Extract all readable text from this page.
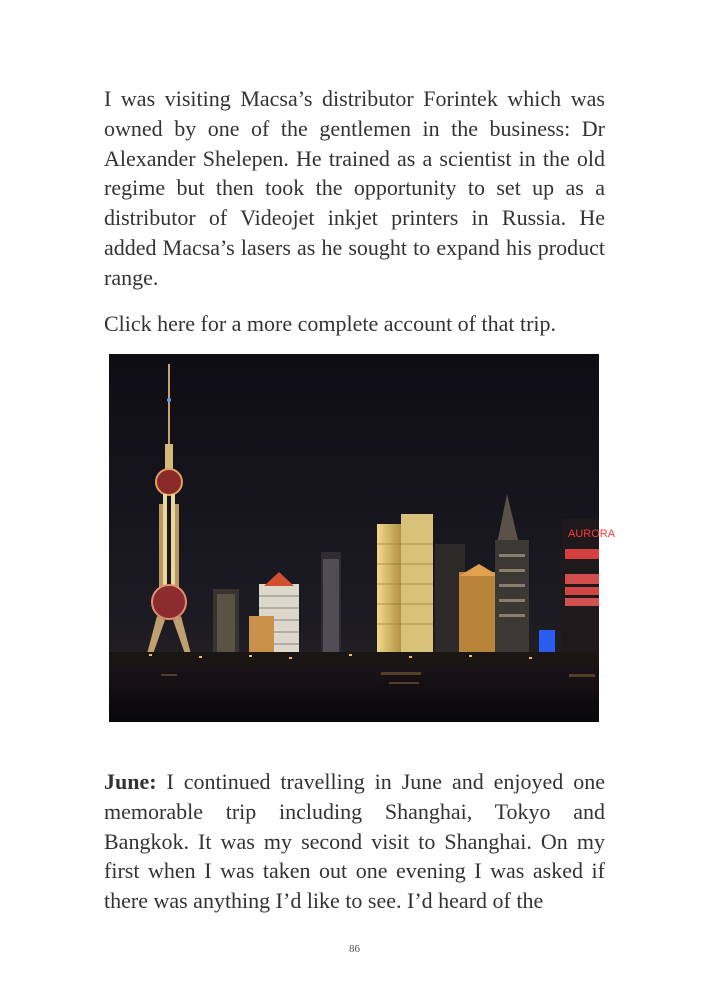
I was visiting Macsa’s distributor Forintek which was owned by one of the gentlemen in the business: Dr Alexander Shelepen. He trained as a scientist in the old regime but then took the opportunity to set up as a distributor of Videojet inkjet printers in Russia. He added Macsa’s lasers as he sought to expand his product range.

Click here for a more complete account of that trip.

AURORA

June: I continued travelling in June and enjoyed one memorable trip including Shanghai, Tokyo and Bangkok. It was my second visit to Shanghai. On my first when I was taken out one evening I was asked if there was anything I’d like to see. I’d heard of the

86
